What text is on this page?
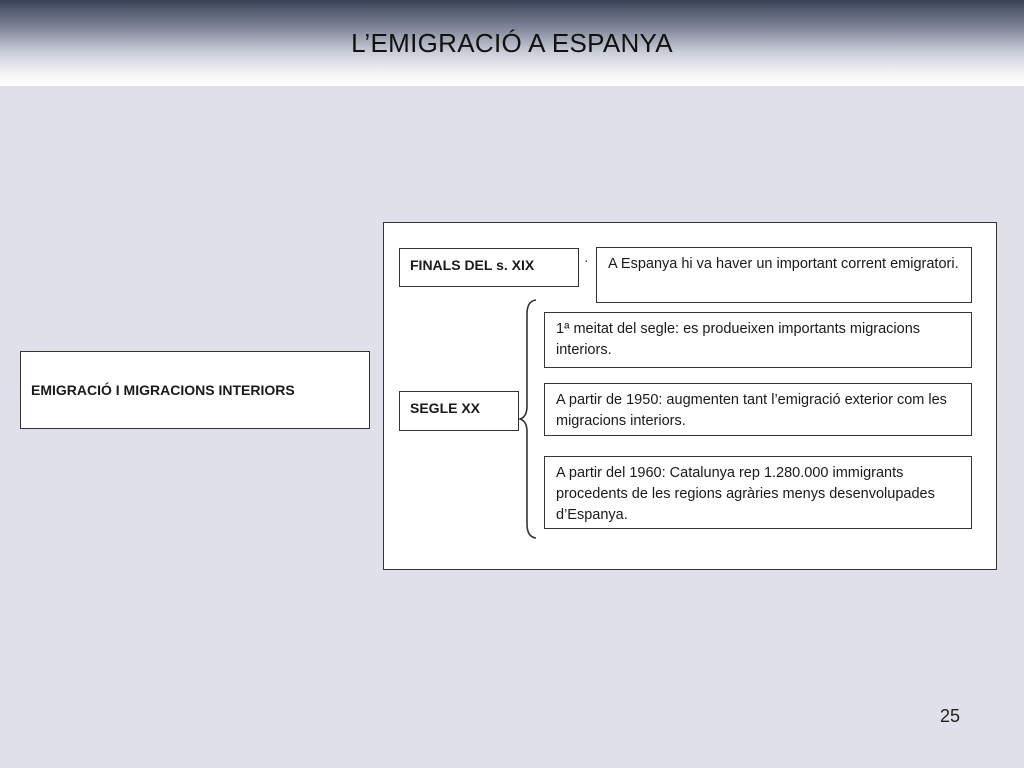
L’EMIGRACIÓ A ESPANYA
EMIGRACIÓ I MIGRACIONS INTERIORS
FINALS DEL s. XIX	·	A Espanya hi va haver un important corrent emigratori.
SEGLE XX
1ª meitat del segle: es produeixen importants migracions interiors.
A partir de 1950: augmenten tant l’emigració exterior com les migracions interiors.
A partir del 1960: Catalunya rep 1.280.000 immigrants procedents de les regions agràries menys desenvolupades d’Espanya.
25
